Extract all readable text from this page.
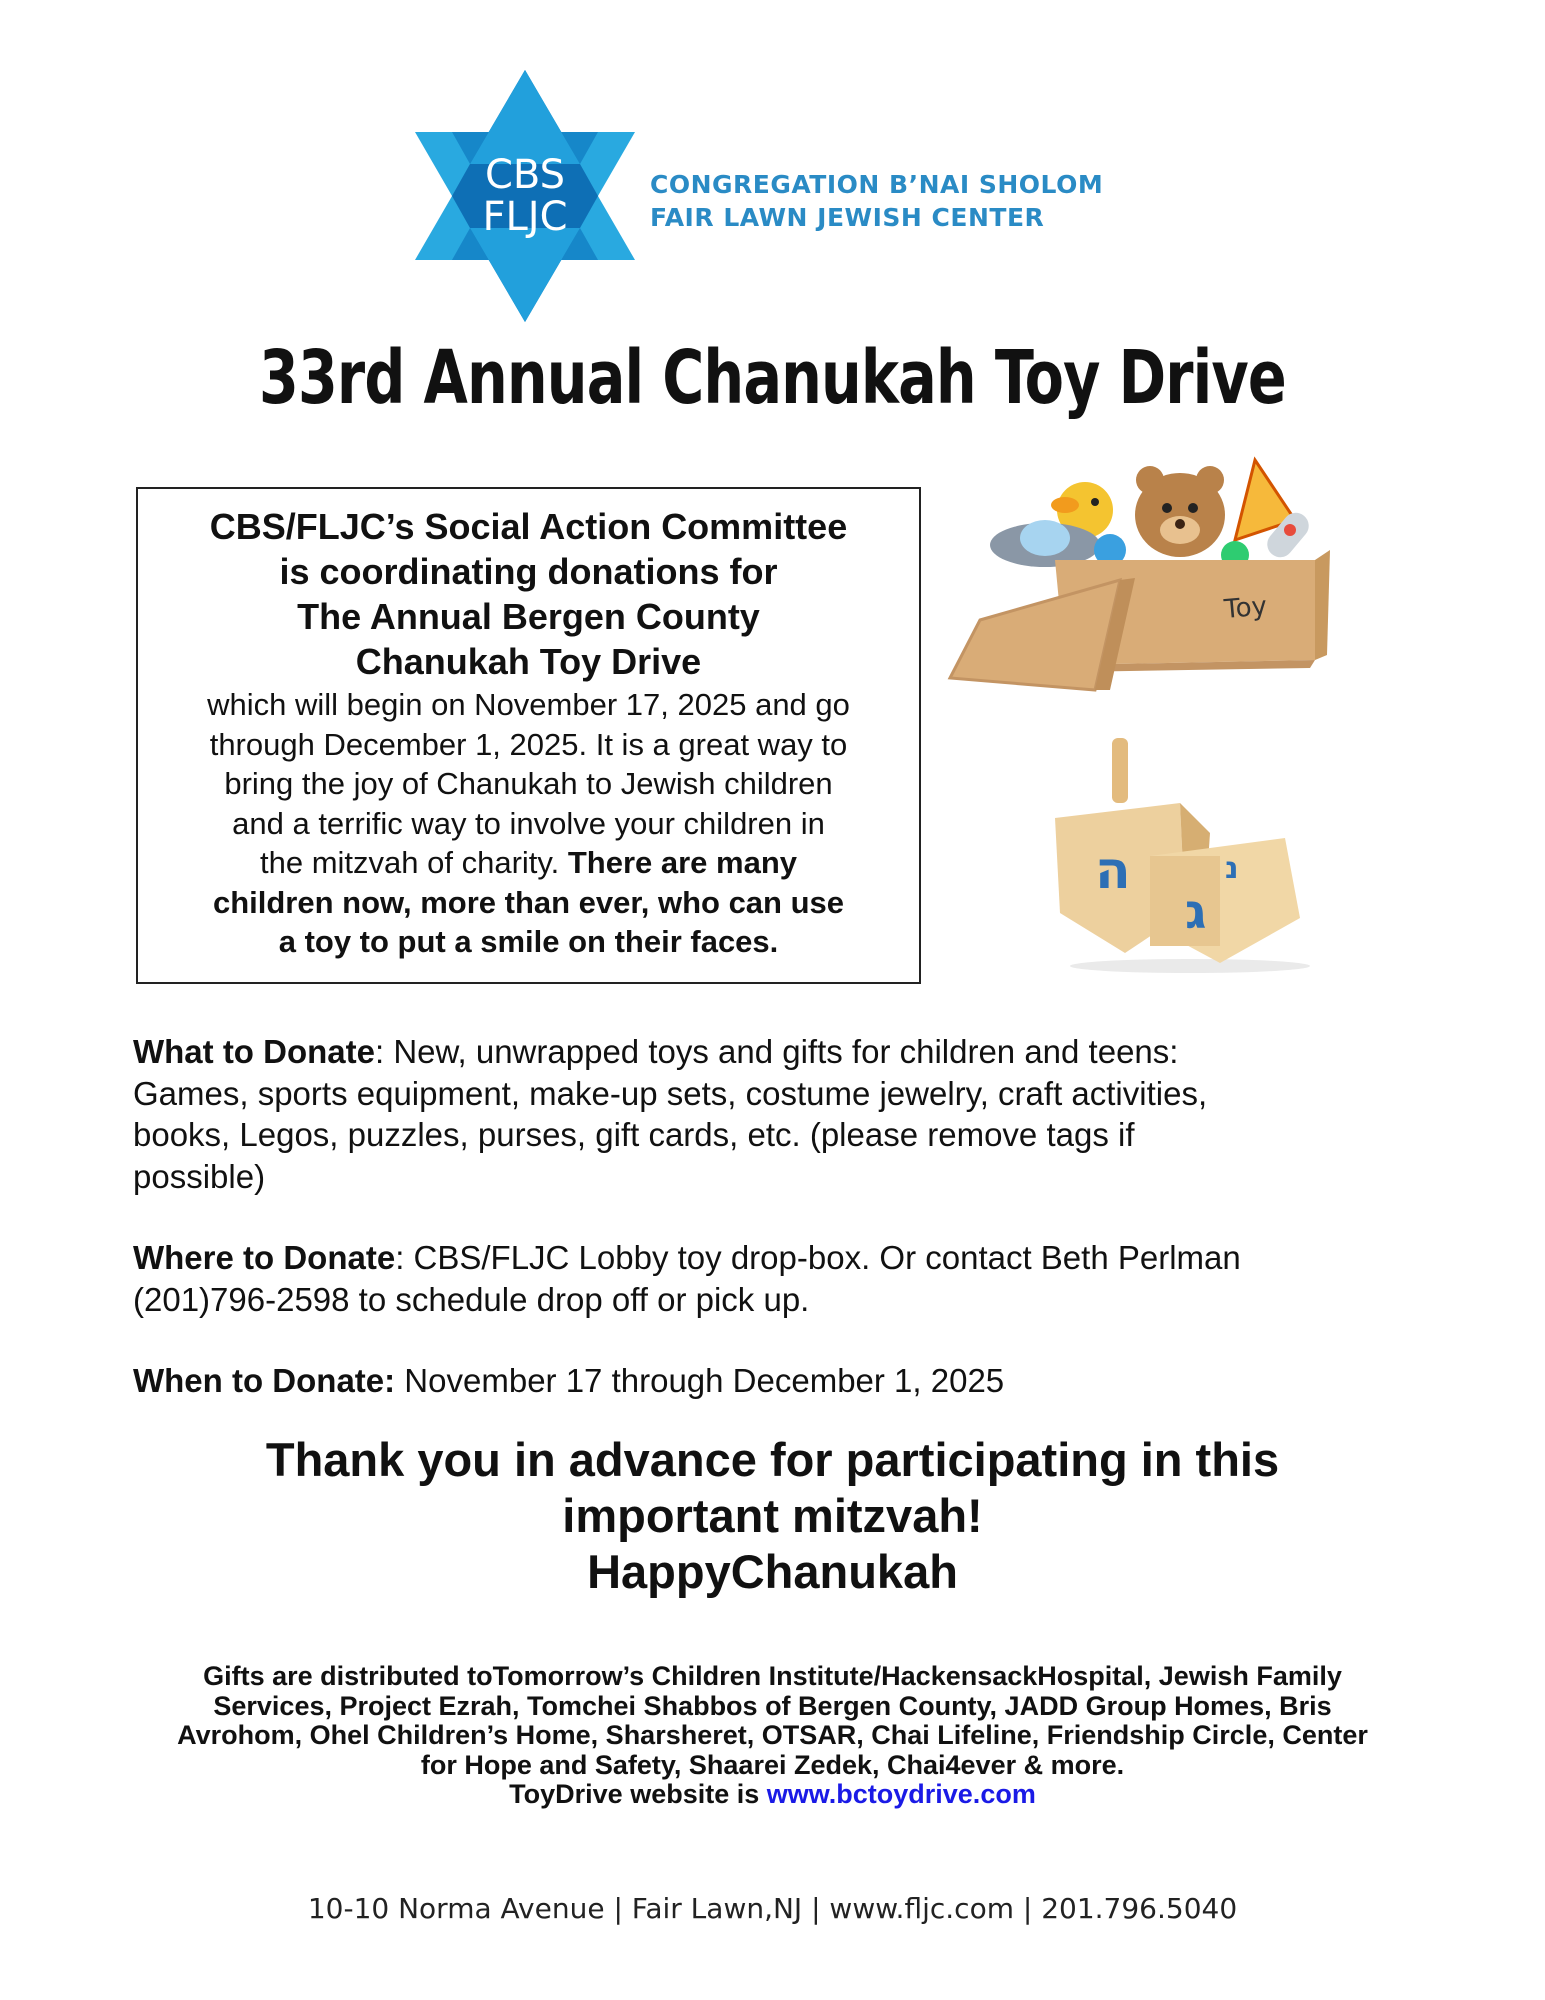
CBS
FLJC
CONGREGATION B’NAI SHOLOM
FAIR LAWN JEWISH CENTER
33rd Annual Chanukah Toy Drive
CBS/FLJC’s Social Action Committee
is coordinating donations for
The Annual Bergen County
Chanukah Toy Drive
which will begin on November 17, 2025 and go
through December 1, 2025. It is a great way to
bring the joy of Chanukah to Jewish children
and a terrific way to involve your children in
the mitzvah of charity. There are many
children now, more than ever, who can use
a toy to put a smile on their faces.
Toy
ה
ג
נ
What to Donate: New, unwrapped toys and gifts for children and teens:
Games, sports equipment, make-up sets, costume jewelry, craft activities,
books, Legos, puzzles, purses, gift cards, etc. (please remove tags if
possible)
Where to Donate: CBS/FLJC Lobby toy drop-box. Or contact Beth Perlman
(201)796-2598 to schedule drop off or pick up.
When to Donate: November 17 through December 1, 2025
Thank you in advance for participating in this
important mitzvah!
HappyChanukah
Gifts are distributed toTomorrow’s Children Institute/HackensackHospital, Jewish Family
Services, Project Ezrah, Tomchei Shabbos of Bergen County, JADD Group Homes, Bris
Avrohom, Ohel Children’s Home, Sharsheret, OTSAR, Chai Lifeline, Friendship Circle, Center
for Hope and Safety, Shaarei Zedek, Chai4ever & more.
ToyDrive website is www.bctoydrive.com
10-10 Norma Avenue | Fair Lawn,NJ | www.fljc.com | 201.796.5040
